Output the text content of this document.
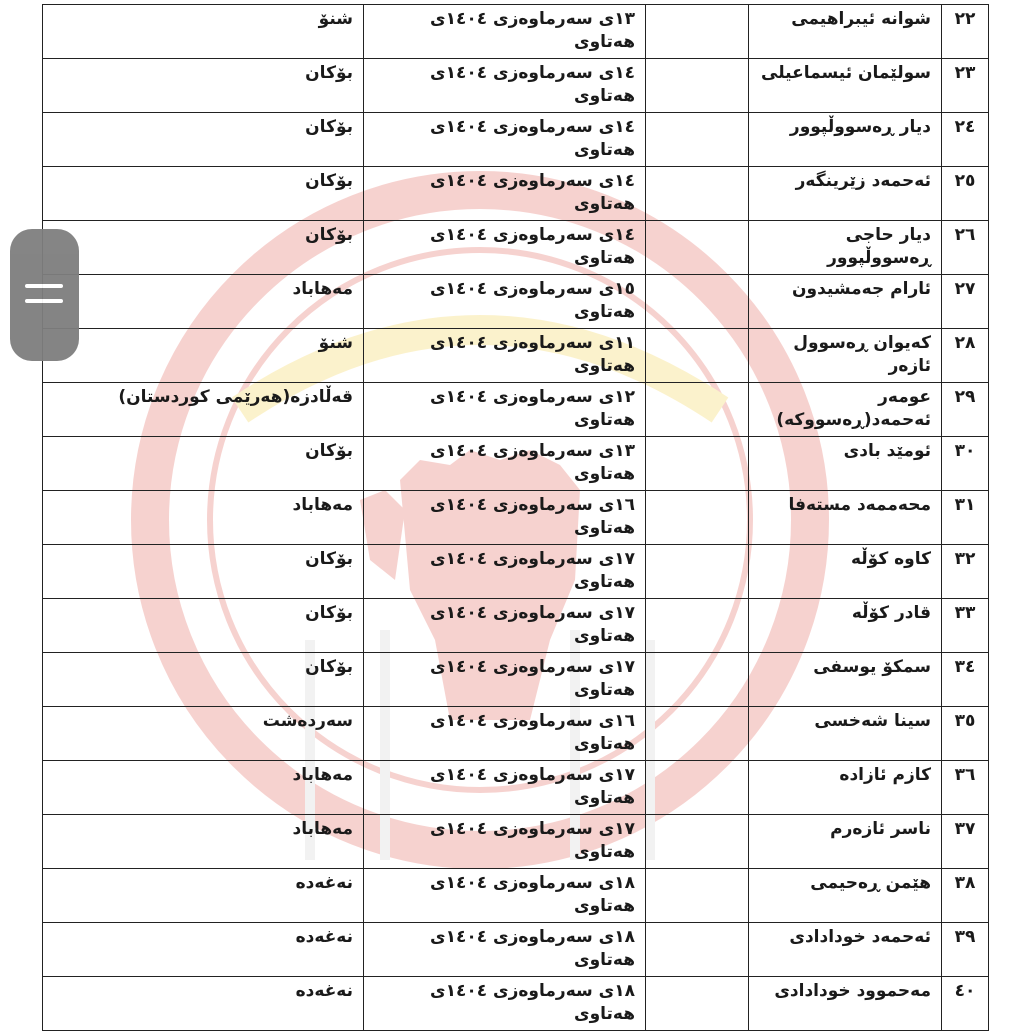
٢٢	شوانە ئیبراهیمی		١٣ی سەرماوەزی ١٤٠٤ی هەتاوی	شنۆ
٢٣	سولێمان ئیسماعیلی		١٤ی سەرماوەزی ١٤٠٤ی هەتاوی	بۆکان
٢٤	دیار ڕەسووڵپوور		١٤ی سەرماوەزی ١٤٠٤ی هەتاوی	بۆکان
٢٥	ئەحمەد زێرینگەر		١٤ی سەرماوەزی ١٤٠٤ی هەتاوی	بۆکان
٢٦	دیار حاجی ڕەسووڵپوور		١٤ی سەرماوەزی ١٤٠٤ی هەتاوی	بۆکان
٢٧	ئارام جەمشیدون		١٥ی سەرماوەزی ١٤٠٤ی هەتاوی	مەهاباد
٢٨	کەیوان ڕەسوول ئازەر		١١ی سەرماوەزی ١٤٠٤ی هەتاوی	شنۆ
٢٩	عومەر ئەحمەد(ڕەسووکە)		١٢ی سەرماوەزی ١٤٠٤ی هەتاوی	قەڵادزە(هەرێمی کوردستان)
٣٠	ئومێد بادی		١٣ی سەرماوەزی ١٤٠٤ی هەتاوی	بۆکان
٣١	محەممەد مستەفا		١٦ی سەرماوەزی ١٤٠٤ی هەتاوی	مەهاباد
٣٢	کاوە کۆڵە		١٧ی سەرماوەزی ١٤٠٤ی هەتاوی	بۆکان
٣٣	قادر کۆڵە		١٧ی سەرماوەزی ١٤٠٤ی هەتاوی	بۆکان
٣٤	سمکۆ یوسفی		١٧ی سەرماوەزی ١٤٠٤ی هەتاوی	بۆکان
٣٥	سینا شەخسی		١٦ی سەرماوەزی ١٤٠٤ی هەتاوی	سەردەشت
٣٦	کازم ئازادە		١٧ی سەرماوەزی ١٤٠٤ی هەتاوی	مەهاباد
٣٧	ناسر ئازەرم		١٧ی سەرماوەزی ١٤٠٤ی هەتاوی	مەهاباد
٣٨	هێمن ڕەحیمی		١٨ی سەرماوەزی ١٤٠٤ی هەتاوی	نەغەدە
٣٩	ئەحمەد خودادادی		١٨ی سەرماوەزی ١٤٠٤ی هەتاوی	نەغەدە
٤٠	مەحموود خودادادی		١٨ی سەرماوەزی ١٤٠٤ی هەتاوی	نەغەدە
